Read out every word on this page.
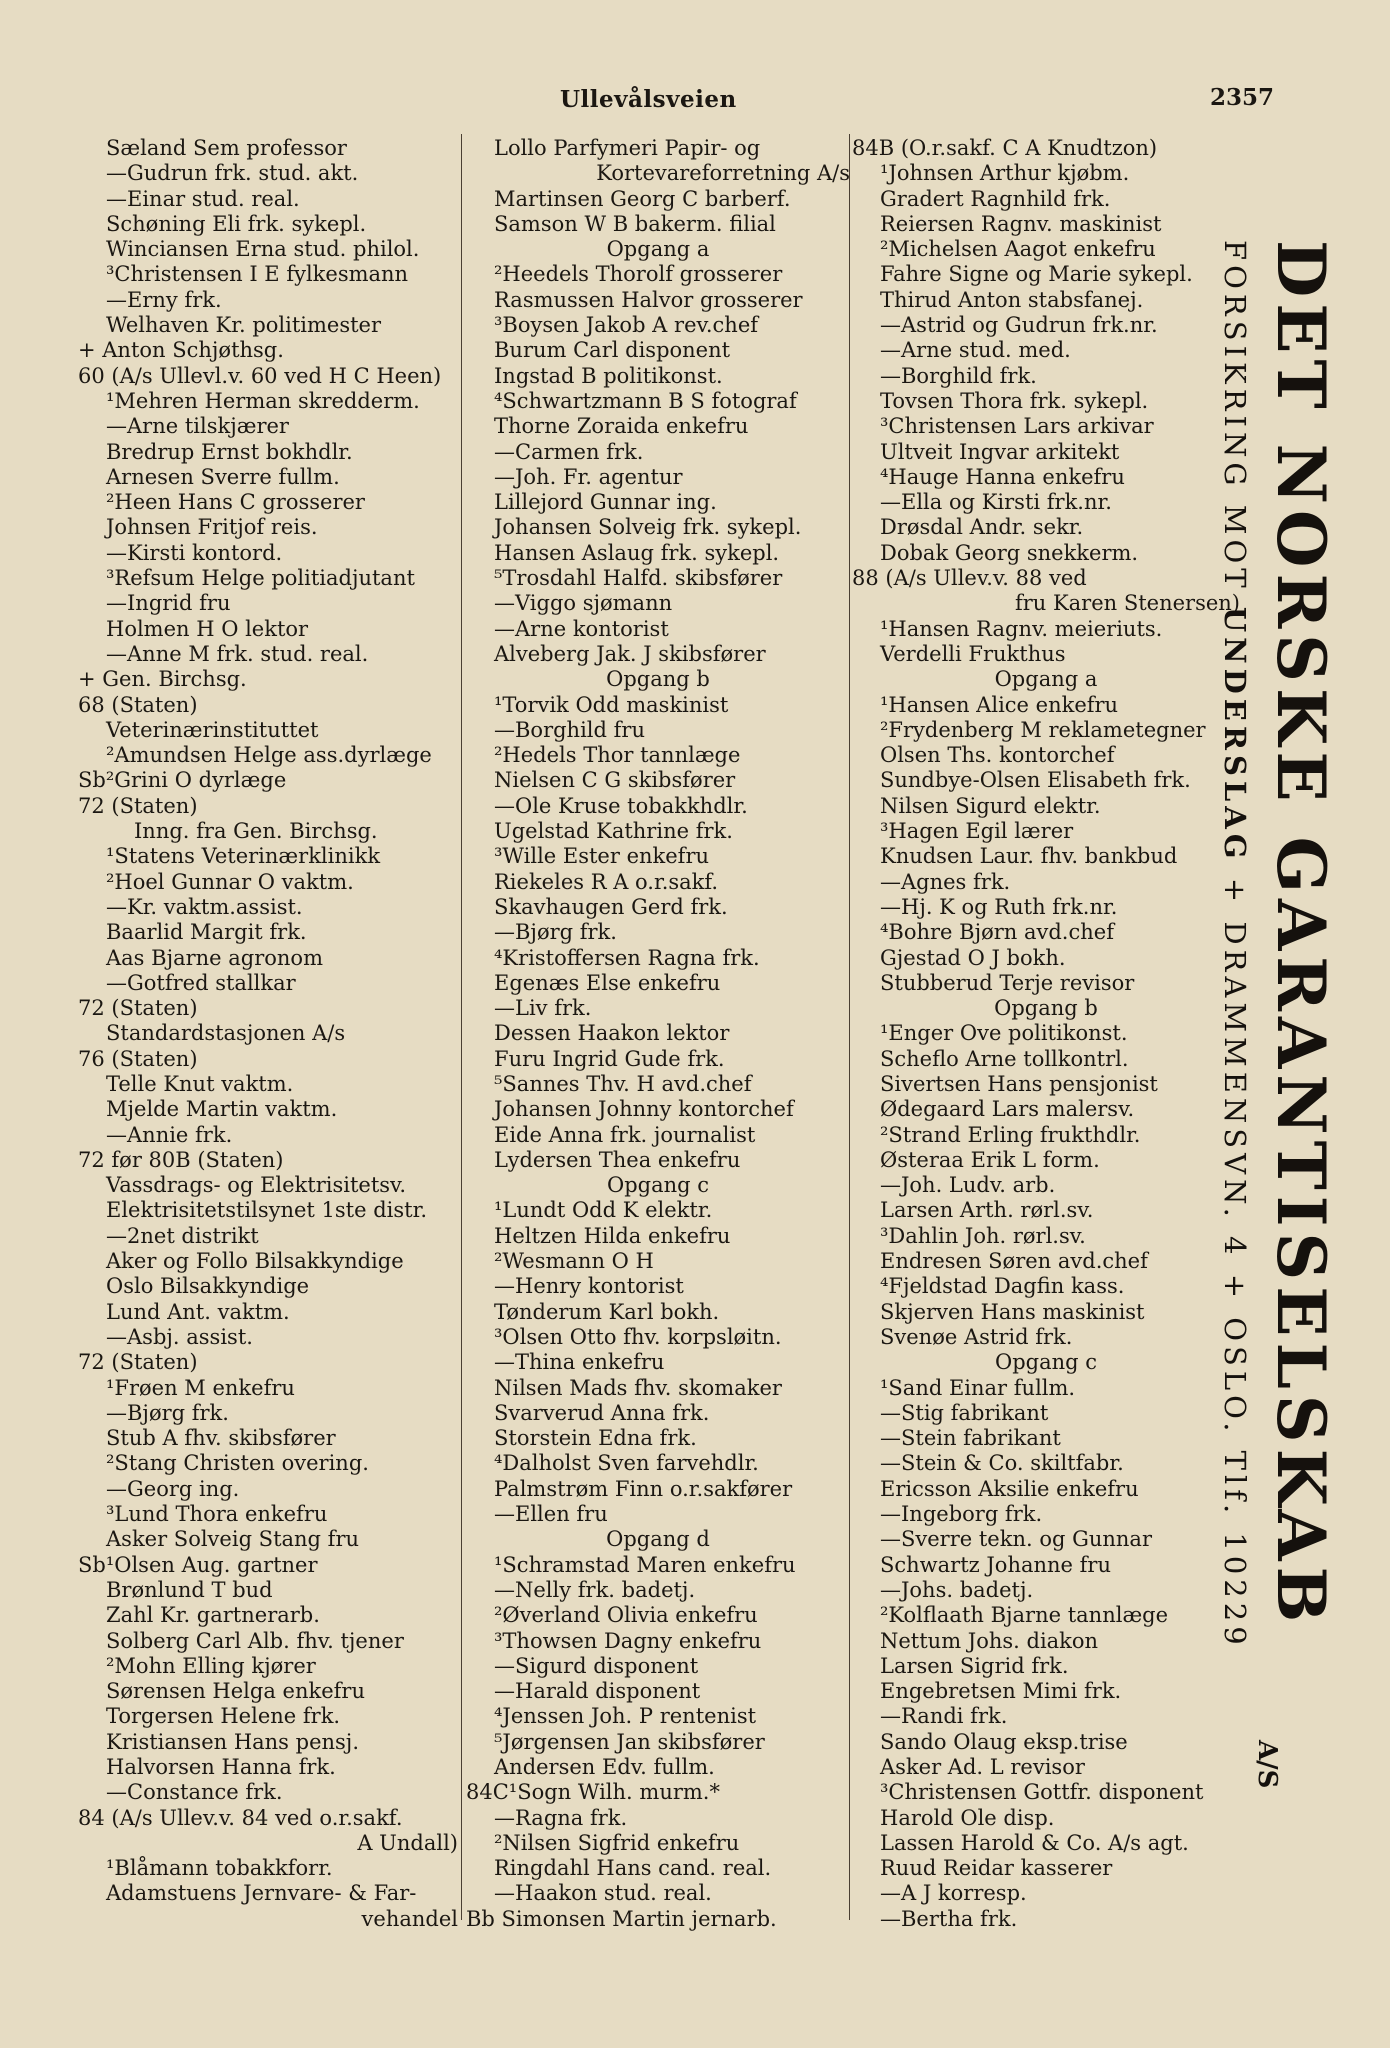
Ullevålsveien	2357
Sæland Sem professor
—Gudrun frk. stud. akt.
—Einar stud. real.
Schøning Eli frk. sykepl.
Winciansen Erna stud. philol.
³Christensen I E fylkesmann
—Erny frk.
Welhaven Kr. politimester
+ Anton Schjøthsg.
60 (A/s Ullevl.v. 60 ved H C Heen)
¹Mehren Herman skredderm.
—Arne tilskjærer
Bredrup Ernst bokhdlr.
Arnesen Sverre fullm.
²Heen Hans C grosserer
Johnsen Fritjof reis.
—Kirsti kontord.
³Refsum Helge politiadjutant
—Ingrid fru
Holmen H O lektor
—Anne M frk. stud. real.
+ Gen. Birchsg.
68 (Staten)
Veterinærinstituttet
²Amundsen Helge ass.dyrlæge
Sb²Grini O dyrlæge
72 (Staten)
Inng. fra Gen. Birchsg.
¹Statens Veterinærklinikk
²Hoel Gunnar O vaktm.
—Kr. vaktm.assist.
Baarlid Margit frk.
Aas Bjarne agronom
—Gotfred stallkar
72 (Staten)
Standardstasjonen A/s
76 (Staten)
Telle Knut vaktm.
Mjelde Martin vaktm.
—Annie frk.
72 før 80B (Staten)
Vassdrags- og Elektrisitetsv.
Elektrisitetstilsynet 1ste distr.
—2net distrikt
Aker og Follo Bilsakkyndige
Oslo Bilsakkyndige
Lund Ant. vaktm.
—Asbj. assist.
72 (Staten)
¹Frøen M enkefru
—Bjørg frk.
Stub A fhv. skibsfører
²Stang Christen overing.
—Georg ing.
³Lund Thora enkefru
Asker Solveig Stang fru
Sb¹Olsen Aug. gartner
Brønlund T bud
Zahl Kr. gartnerarb.
Solberg Carl Alb. fhv. tjener
²Mohn Elling kjører
Sørensen Helga enkefru
Torgersen Helene frk.
Kristiansen Hans pensj.
Halvorsen Hanna frk.
—Constance frk.
84 (A/s Ullev.v. 84 ved o.r.sakf.
A Undall)
¹Blåmann tobakkforr.
Adamstuens Jernvare- & Far-
vehandel
Lollo Parfymeri Papir- og
Kortevareforretning A/s
Martinsen Georg C barberf.
Samson W B bakerm. filial
Opgang a
²Heedels Thorolf grosserer
Rasmussen Halvor grosserer
³Boysen Jakob A rev.chef
Burum Carl disponent
Ingstad B politikonst.
⁴Schwartzmann B S fotograf
Thorne Zoraida enkefru
—Carmen frk.
—Joh. Fr. agentur
Lillejord Gunnar ing.
Johansen Solveig frk. sykepl.
Hansen Aslaug frk. sykepl.
⁵Trosdahl Halfd. skibsfører
—Viggo sjømann
—Arne kontorist
Alveberg Jak. J skibsfører
Opgang b
¹Torvik Odd maskinist
—Borghild fru
²Hedels Thor tannlæge
Nielsen C G skibsfører
—Ole Kruse tobakkhdlr.
Ugelstad Kathrine frk.
³Wille Ester enkefru
Riekeles R A o.r.sakf.
Skavhaugen Gerd frk.
—Bjørg frk.
⁴Kristoffersen Ragna frk.
Egenæs Else enkefru
—Liv frk.
Dessen Haakon lektor
Furu Ingrid Gude frk.
⁵Sannes Thv. H avd.chef
Johansen Johnny kontorchef
Eide Anna frk. journalist
Lydersen Thea enkefru
Opgang c
¹Lundt Odd K elektr.
Heltzen Hilda enkefru
²Wesmann O H
—Henry kontorist
Tønderum Karl bokh.
³Olsen Otto fhv. korpsløitn.
—Thina enkefru
Nilsen Mads fhv. skomaker
Svarverud Anna frk.
Storstein Edna frk.
⁴Dalholst Sven farvehdlr.
Palmstrøm Finn o.r.sakfører
—Ellen fru
Opgang d
¹Schramstad Maren enkefru
—Nelly frk. badetj.
²Øverland Olivia enkefru
³Thowsen Dagny enkefru
—Sigurd disponent
—Harald disponent
⁴Jenssen Joh. P rentenist
⁵Jørgensen Jan skibsfører
Andersen Edv. fullm.
84C¹Sogn Wilh. murm.*
—Ragna frk.
²Nilsen Sigfrid enkefru
Ringdahl Hans cand. real.
—Haakon stud. real.
Bb Simonsen Martin jernarb.
84B (O.r.sakf. C A Knudtzon)
¹Johnsen Arthur kjøbm.
Gradert Ragnhild frk.
Reiersen Ragnv. maskinist
²Michelsen Aagot enkefru
Fahre Signe og Marie sykepl.
Thirud Anton stabsfanej.
—Astrid og Gudrun frk.nr.
—Arne stud. med.
—Borghild frk.
Tovsen Thora frk. sykepl.
³Christensen Lars arkivar
Ultveit Ingvar arkitekt
⁴Hauge Hanna enkefru
—Ella og Kirsti frk.nr.
Drøsdal Andr. sekr.
Dobak Georg snekkerm.
88 (A/s Ullev.v. 88 ved
fru Karen Stenersen)
¹Hansen Ragnv. meieriuts.
Verdelli Frukthus
Opgang a
¹Hansen Alice enkefru
²Frydenberg M reklametegner
Olsen Ths. kontorchef
Sundbye-Olsen Elisabeth frk.
Nilsen Sigurd elektr.
³Hagen Egil lærer
Knudsen Laur. fhv. bankbud
—Agnes frk.
—Hj. K og Ruth frk.nr.
⁴Bohre Bjørn avd.chef
Gjestad O J bokh.
Stubberud Terje revisor
Opgang b
¹Enger Ove politikonst.
Scheflo Arne tollkontrl.
Sivertsen Hans pensjonist
Ødegaard Lars malersv.
²Strand Erling frukthdlr.
Østeraa Erik L form.
—Joh. Ludv. arb.
Larsen Arth. rørl.sv.
³Dahlin Joh. rørl.sv.
Endresen Søren avd.chef
⁴Fjeldstad Dagfin kass.
Skjerven Hans maskinist
Svenøe Astrid frk.
Opgang c
¹Sand Einar fullm.
—Stig fabrikant
—Stein fabrikant
—Stein & Co. skiltfabr.
Ericsson Aksilie enkefru
—Ingeborg frk.
—Sverre tekn. og Gunnar
Schwartz Johanne fru
—Johs. badetj.
²Kolflaath Bjarne tannlæge
Nettum Johs. diakon
Larsen Sigrid frk.
Engebretsen Mimi frk.
—Randi frk.
Sando Olaug eksp.trise
Asker Ad. L revisor
³Christensen Gottfr. disponent
Harold Ole disp.
Lassen Harold & Co. A/s agt.
Ruud Reidar kasserer
—A J korresp.
—Bertha frk.
DET NORSKE GARANTISELSKAB
FORSIKRING MOT UNDERSLAG + DRAMMENSVN. 4 + OSLO. Tlf. 10229
A/S
